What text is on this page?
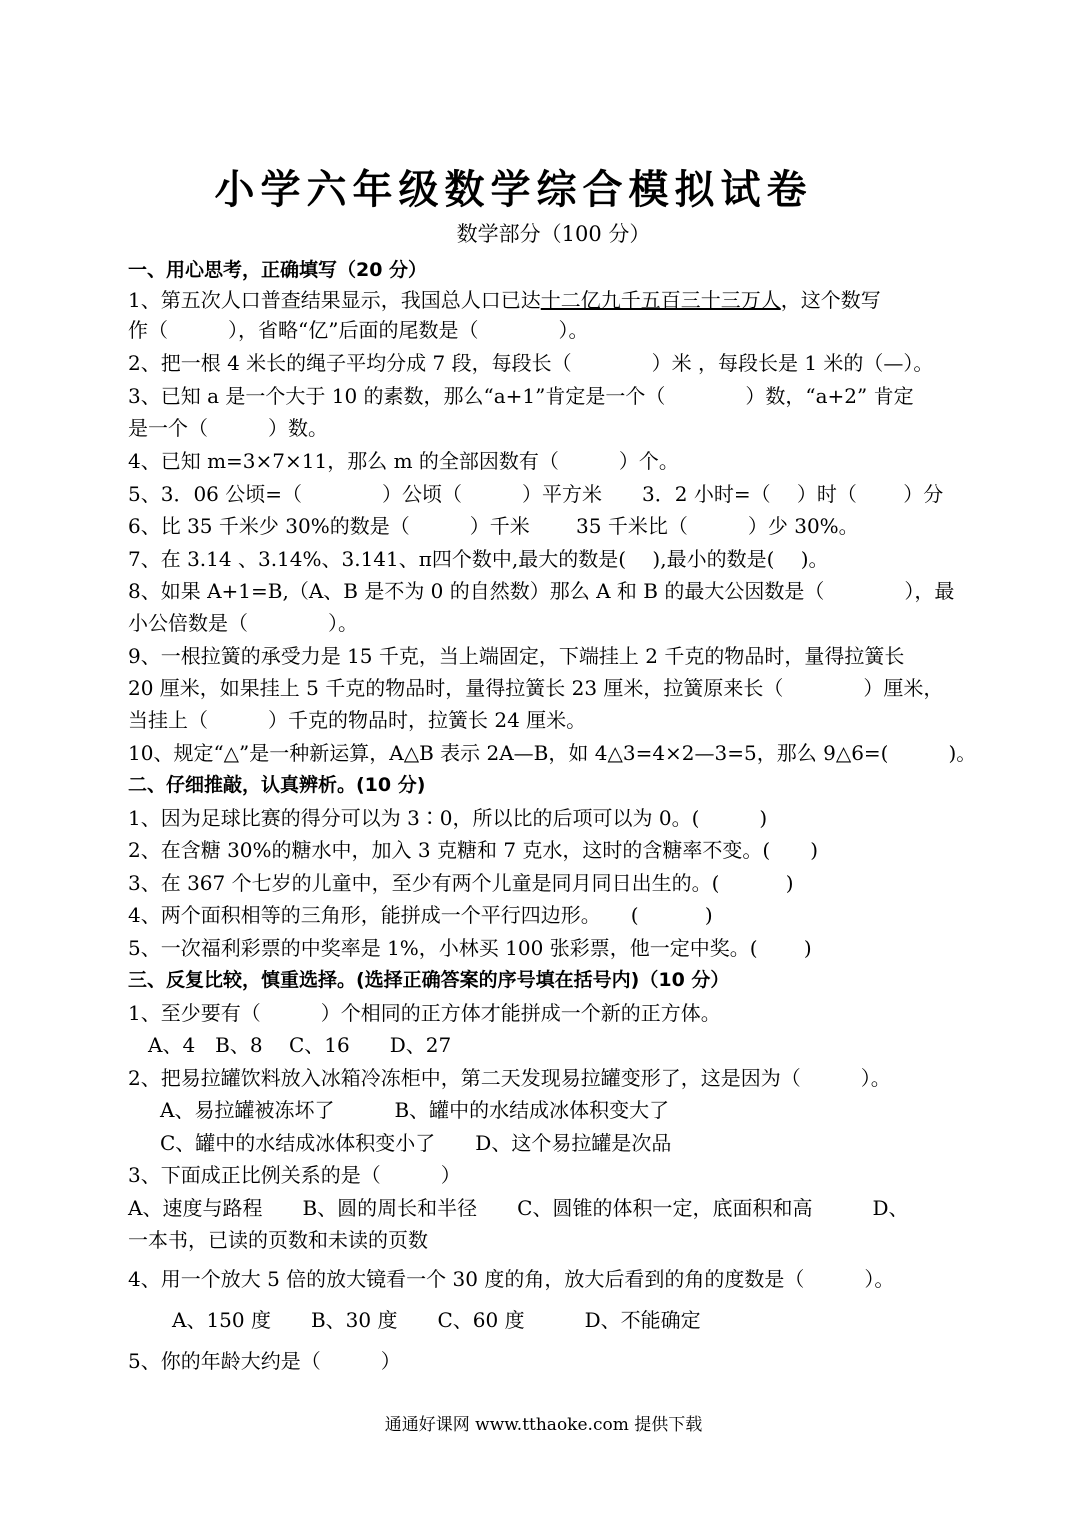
小学六年级数学综合模拟试卷
数学部分（100 分）
一、用心思考，正确填写（20 分）
1、第五次人口普查结果显示，我国总人口已达十二亿九千五百三十三万人，这个数写
作（　　　），省略“亿”后面的尾数是（　　　　）。
2、把一根 4 米长的绳子平均分成 7 段，每段长（　　　　）米 ，每段长是 1 米的（—）。
3、已知 a 是一个大于 10 的素数，那么“a+1”肯定是一个（　　　　）数，“a+2” 肯定
是一个（　　　）数。
4、已知 m=3×7×11，那么 m 的全部因数有（　　　）个。
5、3．06 公顷=（　　　　）公顷（　　　）平方米　　3．2 小时=（　 ）时（　　 ）分
6、比 35 千米少 30%的数是（　　　）千米　　 35 千米比（　　　）少 30%。
7、在 3.14 、3.14%、3.141、π四个数中,最大的数是(　 ),最小的数是(　 )。
8、如果 A+1=B,（A、B 是不为 0 的自然数）那么 A 和 B 的最大公因数是（　　　　），最
小公倍数是（　　　　）。
9、一根拉簧的承受力是 15 千克，当上端固定，下端挂上 2 千克的物品时，量得拉簧长
20 厘米，如果挂上 5 千克的物品时，量得拉簧长 23 厘米，拉簧原来长（　　　　）厘米，
当挂上（　　　）千克的物品时，拉簧长 24 厘米。
10、规定“△”是一种新运算，A△B 表示 2A—B，如 4△3=4×2—3=5，那么 9△6=(　　　)。
二、仔细推敲，认真辨析。(10 分)
1、因为足球比赛的得分可以为 3∶0，所以比的后项可以为 0。(　　　)
2、在含糖 30%的糖水中，加入 3 克糖和 7 克水，这时的含糖率不变。(　　)
3、在 367 个七岁的儿童中，至少有两个儿童是同月同日出生的。(　　　 )
4、两个面积相等的三角形，能拼成一个平行四边形。　　(　　　 )
5、一次福利彩票的中奖率是 1%，小林买 100 张彩票，他一定中奖。(　　 )
三、反复比较，慎重选择。(选择正确答案的序号填在括号内)（10 分）
1、至少要有（　　　）个相同的正方体才能拼成一个新的正方体。
A、4　B、8　 C、16　　D、27
2、把易拉罐饮料放入冰箱冷冻柜中，第二天发现易拉罐变形了，这是因为（　　　）。
A、易拉罐被冻坏了　　　B、罐中的水结成冰体积变大了
C、罐中的水结成冰体积变小了　　D、这个易拉罐是次品
3、下面成正比例关系的是（　　　）
A、速度与路程　　B、圆的周长和半径　　C、圆锥的体积一定，底面积和高　　　D、
一本书，已读的页数和未读的页数
4、用一个放大 5 倍的放大镜看一个 30 度的角，放大后看到的角的度数是（　　　）。
A、150 度　　B、30 度　　C、60 度　　　D、不能确定
5、你的年龄大约是（　　　）
通通好课网 www.tthaoke.com 提供下载
